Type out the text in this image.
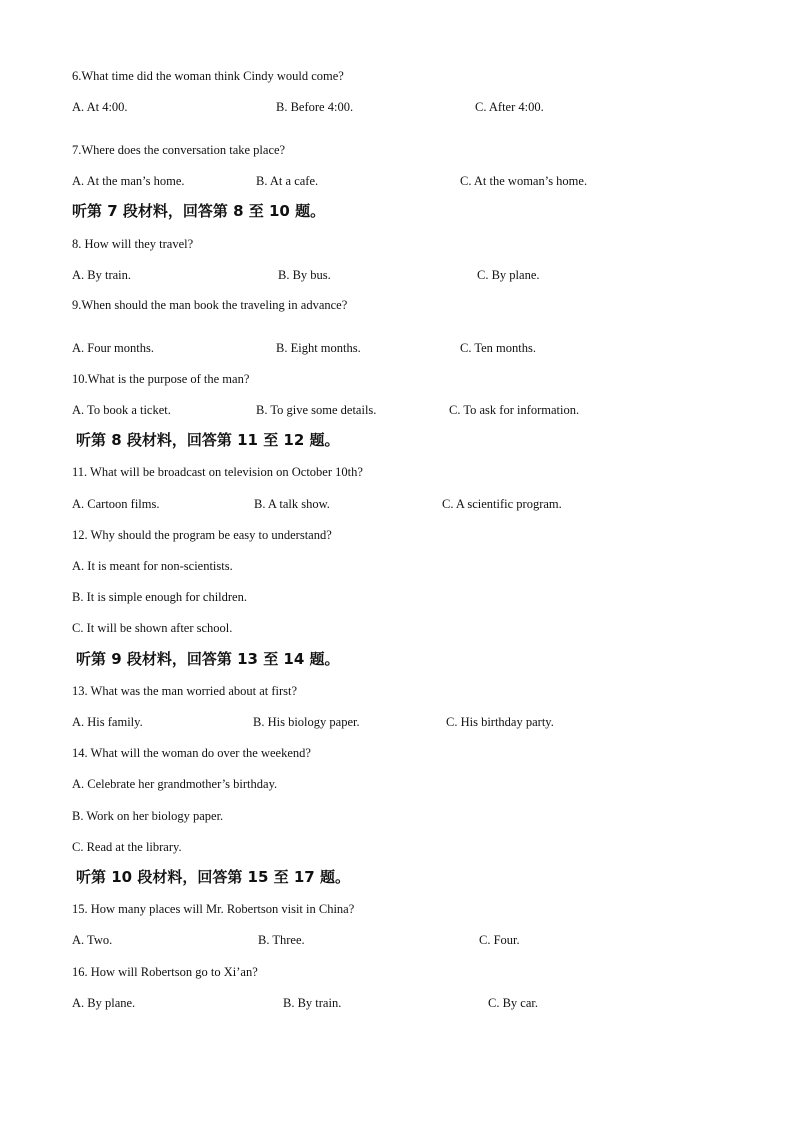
6.What time did the woman think Cindy would come?
A. At 4:00.	B. Before 4:00.	C. After 4:00.
7.Where does the conversation take place?
A. At the man’s home.	B. At a cafe.	C. At the woman’s home.
听第 7 段材料，回答第 8 至 10 题。
8. How will they travel?
A. By train.	B. By bus.	C. By plane.
9.When should the man book the traveling in advance?
A. Four months.	B. Eight months.	C. Ten months.
10.What is the purpose of the man?
A. To book a ticket.	B. To give some details.	C. To ask for information.
听第 8 段材料，回答第 11 至 12 题。
11. What will be broadcast on television on October 10th?
A. Cartoon films.	B. A talk show.	C. A scientific program.
12. Why should the program be easy to understand?
A. It is meant for non-scientists.
B. It is simple enough for children.
C. It will be shown after school.
听第 9 段材料，回答第 13 至 14 题。
13. What was the man worried about at first?
A. His family.	B. His biology paper.	C. His birthday party.
14. What will the woman do over the weekend?
A. Celebrate her grandmother’s birthday.
B. Work on her biology paper.
C. Read at the library.
听第 10 段材料，回答第 15 至 17 题。
15. How many places will Mr. Robertson visit in China?
A. Two.	B. Three.	C. Four.
16. How will Robertson go to Xi’an?
A. By plane.	B. By train.	C. By car.
